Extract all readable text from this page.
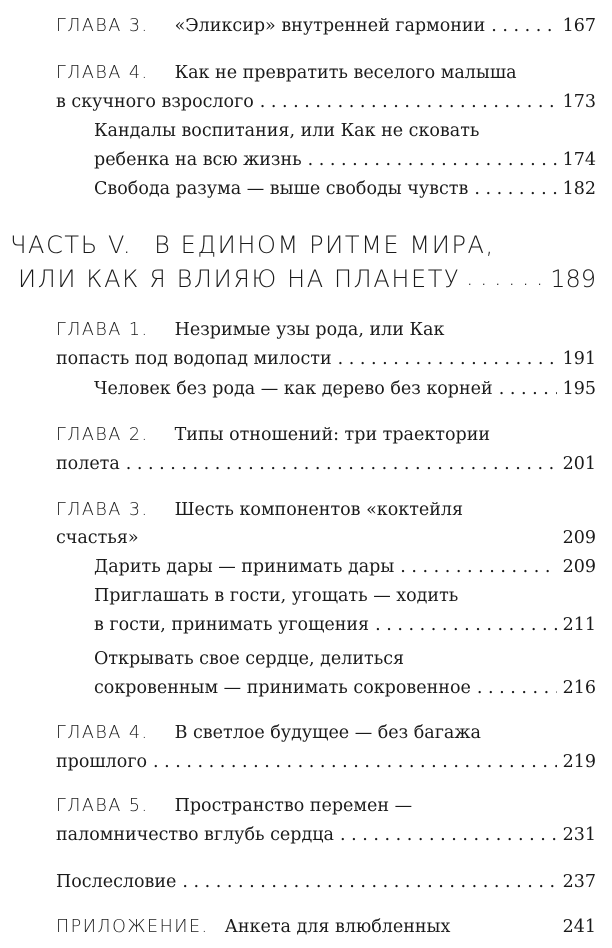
ГЛАВА 3. «Эликсир» внутренней гармонии . . .	167
ГЛАВА 4. Как не превратить веселого малыша
в скучного взрослого . . .	173
Кандалы воспитания, или Как не сковать
ребенка на всю жизнь . . .	174
Свобода разума — выше свободы чувств . . .	182
ЧАСТЬ V. В ЕДИНОМ РИТМЕ МИРА,
ИЛИ КАК Я ВЛИЯЮ НА ПЛАНЕТУ . . .	189
ГЛАВА 1. Незримые узы рода, или Как
попасть под водопад милости . . .	191
Человек без рода — как дерево без корней . . .	195
ГЛАВА 2. Типы отношений: три траектории
полета . . .	201
ГЛАВА 3. Шесть компонентов «коктейля
счастья»	209
Дарить дары — принимать дары . . .	209
Приглашать в гости, угощать — ходить
в гости, принимать угощения . . .	211
Открывать свое сердце, делиться
сокровенным — принимать сокровенное . . .	216
ГЛАВА 4. В светлое будущее — без багажа
прошлого . . .	219
ГЛАВА 5. Пространство перемен —
паломничество вглубь сердца . . .	231
Послесловие . . .	237
ПРИЛОЖЕНИЕ. Анкета для влюбленных	241
